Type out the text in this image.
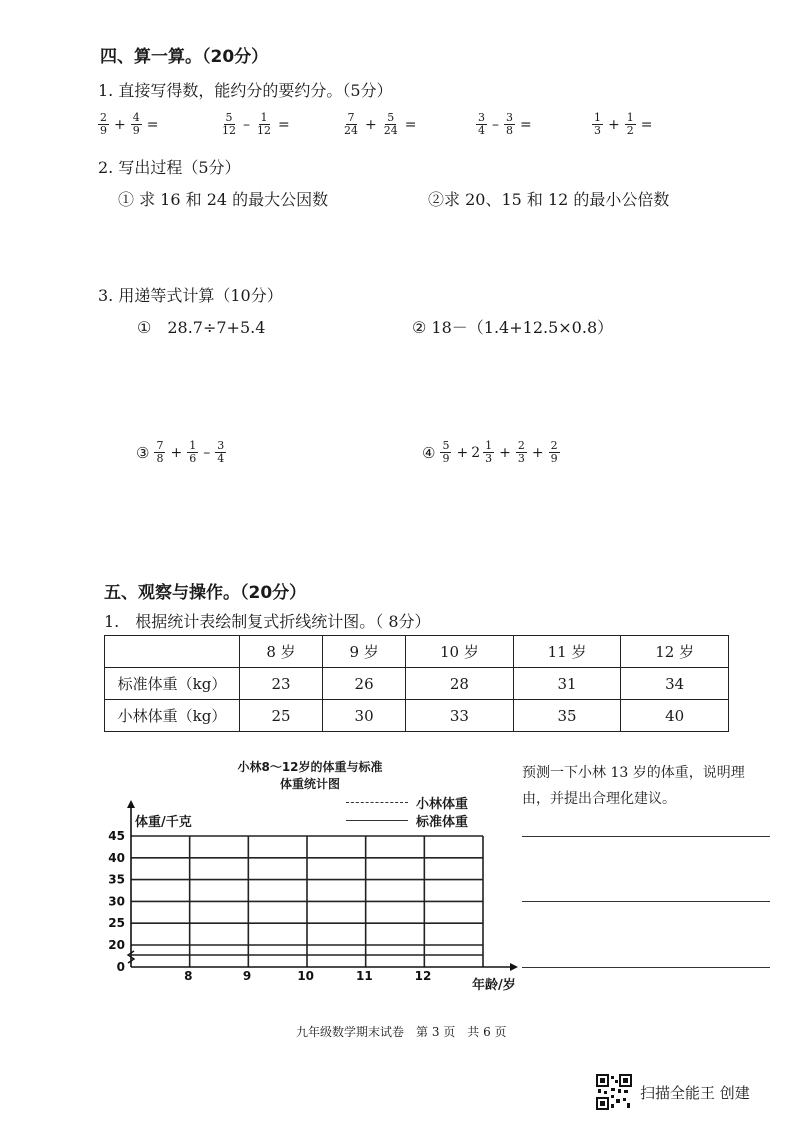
四、算一算。（20分）
1. 直接写得数，能约分的要约分。（5分）
$\frac{2}{9} + \frac{4}{9}$ =	$\frac{5}{12} - \frac{1}{12}$ =	$\frac{7}{24} + \frac{5}{24}$ =	$\frac{3}{4} - \frac{3}{8}$ =	$\frac{1}{3} + \frac{1}{2}$ =
2. 写出过程（5分）
① 求 16 和 24 的最大公因数	②求 20、15 和 12 的最小公倍数
3. 用递等式计算（10分）
①　28.7÷7+5.4	② 18－（1.4+12.5×0.8）
③ $\frac{7}{8} + \frac{1}{6} - \frac{3}{4}$	④ $\frac{5}{9} + 2 \frac{1}{3} + \frac{2}{3} + \frac{2}{9}$
五、观察与操作。（20分）
1.　根据统计表绘制复式折线统计图。（ 8分）
	8 岁	9 岁	10 岁	11 岁	12 岁
标准体重（kg）	23	26	28	31	34
小林体重（kg）	25	30	33	35	40
小林8～12岁的体重与标准
体重统计图
小林体重
标准体重
体重/千克
年龄/岁
45
40
35
30
25
20
0
8	9	10	11	12
预测一下小林 13 岁的体重，说明理由，并提出合理化建议。
九年级数学期末试卷　第 3 页　共 6 页
扫描全能王 创建
